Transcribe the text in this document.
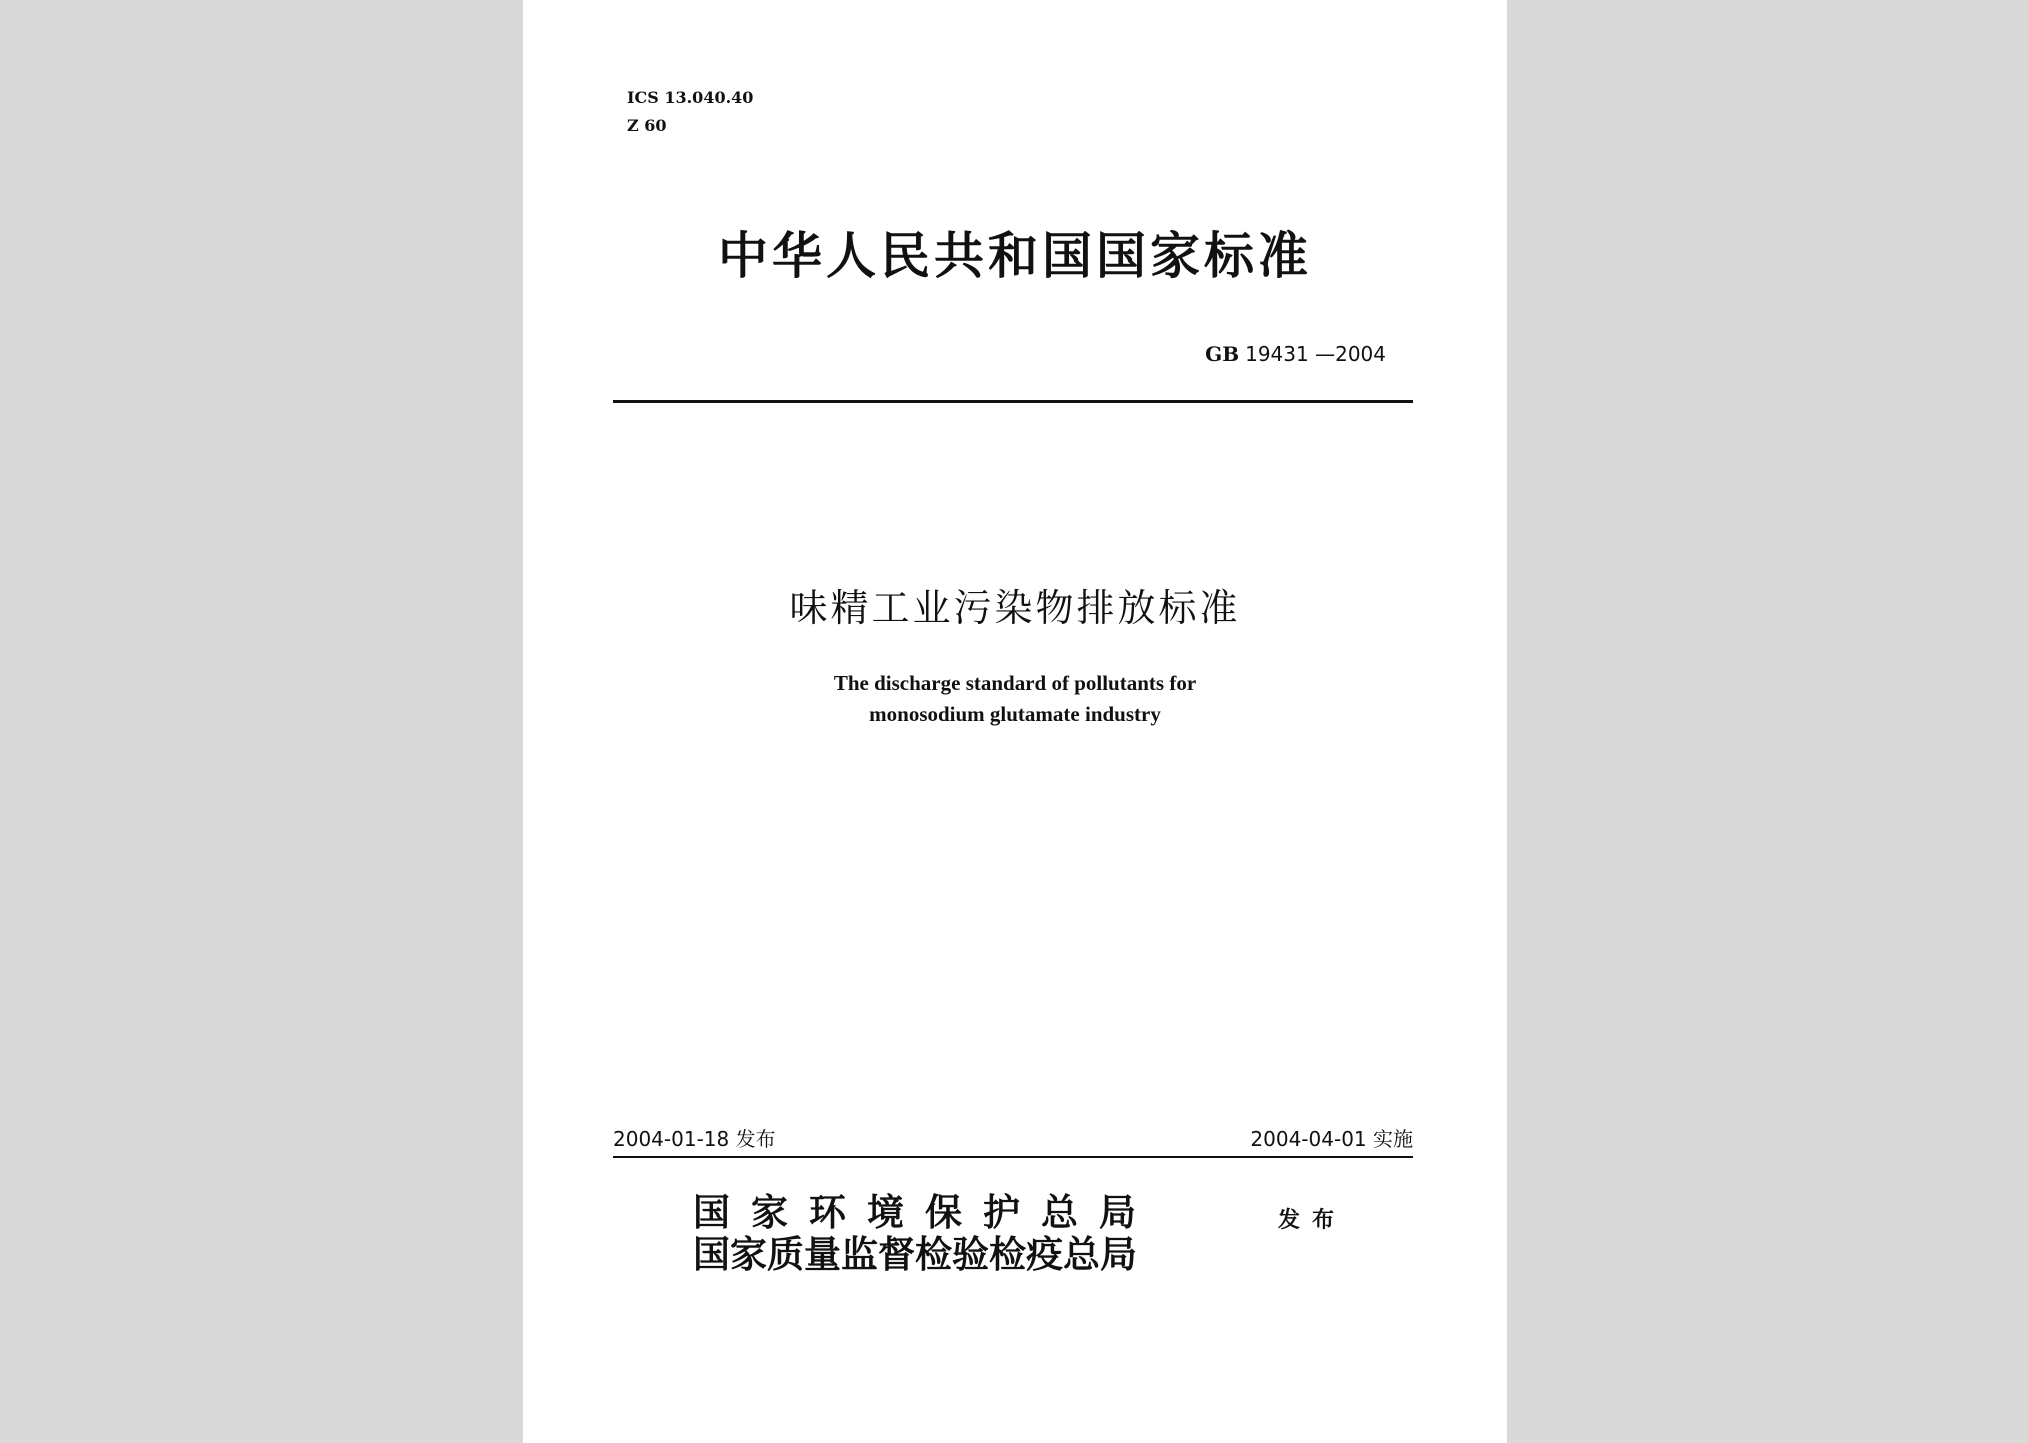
ICS 13.040.40
Z 60
中华人民共和国国家标准
GB 19431 —2004
味精工业污染物排放标准
The discharge standard of pollutants for
monosodium glutamate industry
2004-01-18 发布	2004-04-01 实施
国家环境保护总局
国家质量监督检验检疫总局
发布
